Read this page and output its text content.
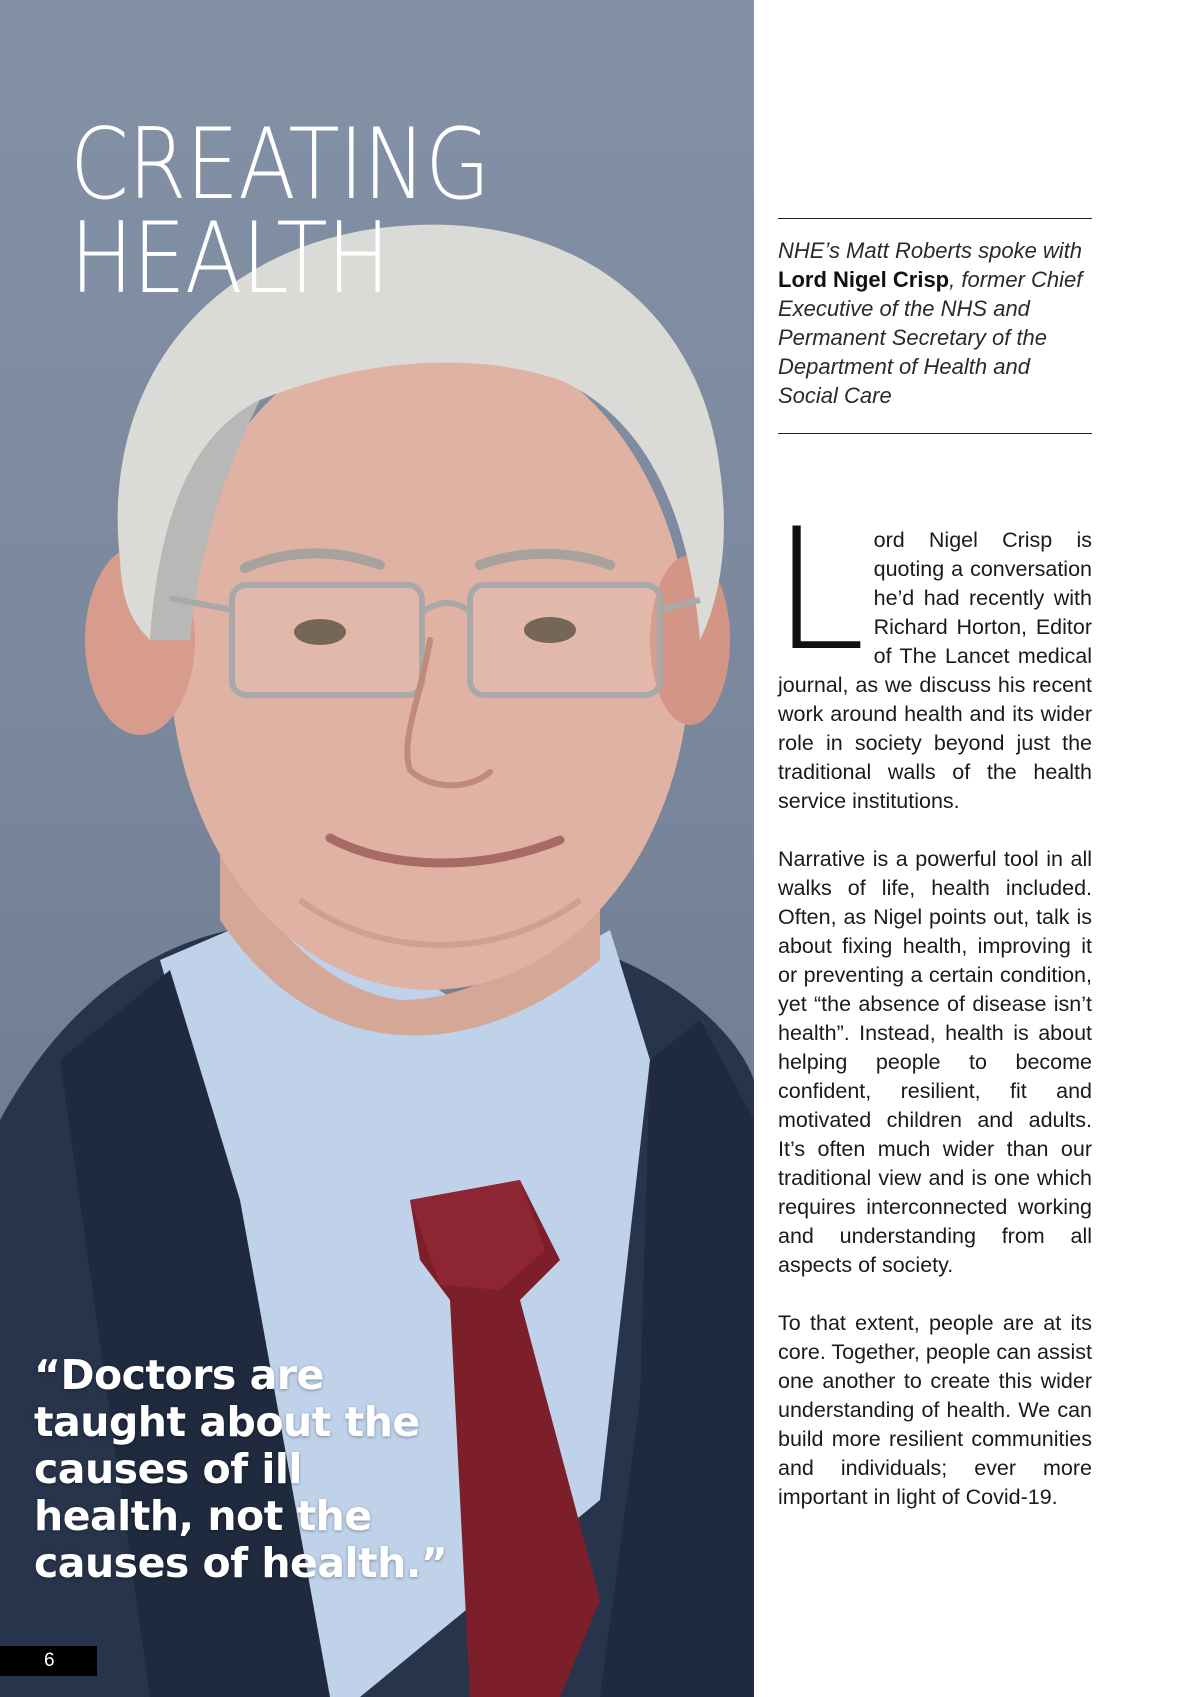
CREATING
HEALTH

“Doctors are taught about the causes of ill health, not the causes of health.”

6

NHE’s Matt Roberts spoke with Lord Nigel Crisp, former Chief Executive of the NHS and Permanent Secretary of the Department of Health and Social Care

Lord Nigel Crisp is quoting a conversation he’d had recently with Richard Horton, Editor of The Lancet medical journal, as we discuss his recent work around health and its wider role in society beyond just the traditional walls of the health service institutions.

Narrative is a powerful tool in all walks of life, health included. Often, as Nigel points out, talk is about fixing health, improving it or preventing a certain condition, yet “the absence of disease isn’t health”. Instead, health is about helping people to become confident, resilient, fit and motivated children and adults. It’s often much wider than our traditional view and is one which requires interconnected working and understanding from all aspects of society.

To that extent, people are at its core. Together, people can assist one another to create this wider understanding of health. We can build more resilient communities and individuals; ever more important in light of Covid-19.
